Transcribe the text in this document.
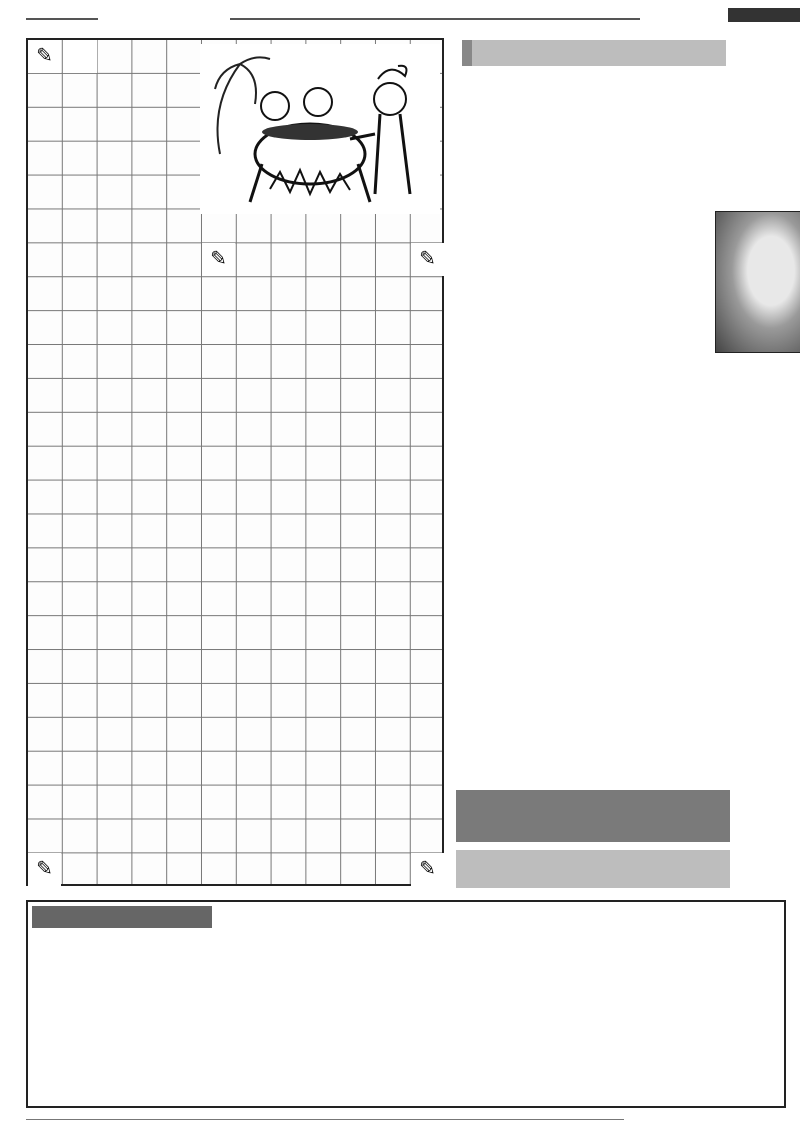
✎
✎	✎
✎	✎
